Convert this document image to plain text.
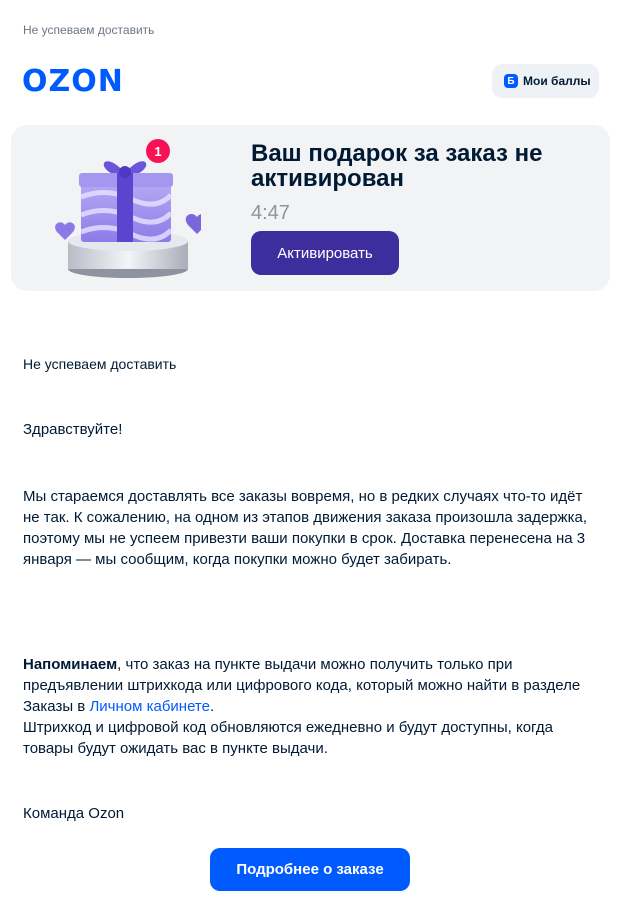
Не успеваем доставить
OZON	Б Мои баллы
1	Ваш подарок за заказ не активирован
4:47
Активировать
Не успеваем доставить
Здравствуйте!
Мы стараемся доставлять все заказы вовремя, но в редких случаях что-то идёт не так. К сожалению, на одном из этапов движения заказа произошла задержка, поэтому мы не успеем привезти ваши покупки в срок. Доставка перенесена на 3 января — мы сообщим, когда покупки можно будет забирать.
Напоминаем, что заказ на пункте выдачи можно получить только при предъявлении штрихкода или цифрового кода, который можно найти в разделе Заказы в Личном кабинете.
Штрихкод и цифровой код обновляются ежедневно и будут доступны, когда товары будут ожидать вас в пункте выдачи.
Команда Ozon
Подробнее о заказе
